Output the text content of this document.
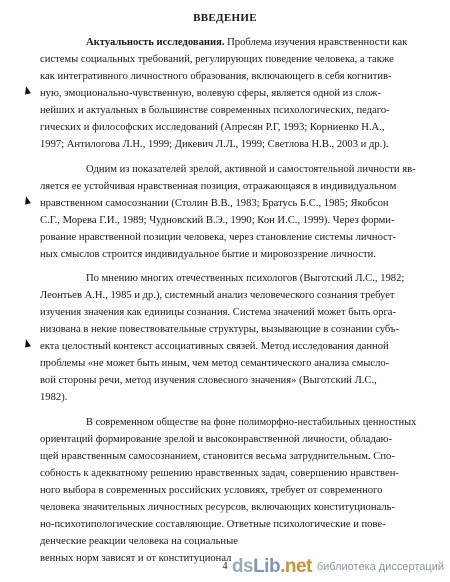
ВВЕДЕНИЕ
Актуальность исследования. Проблема изучения нравственности как
системы социальных требований, регулирующих поведение человека, а также
как интегративного личностного образования, включающего в себя когнитив-
ную, эмоционально-чувственную, волевую сферы, является одной из слож-
нейших и актуальных в большинстве современных психологических, педаго-
гических и философских исследований (Апресян Р.Г, 1993; Корниенко Н.А.,
1997; Антилогова Л.Н., 1999; Дикевич Л.Л., 1999; Светлова Н.В., 2003 и др.).
Одним из показателей зрелой, активной и самостоятельной личности яв-
ляется ее устойчивая нравственная позиция, отражающаяся в индивидуальном
нравственном самосознании (Столин В.В., 1983; Братусь Б.С., 1985; Якобсон
С.Г., Морева Г.И., 1989; Чудновский В.Э., 1990; Кон И.С., 1999). Через форми-
рование нравственной позиции человека, через становление системы личност-
ных смыслов строится индивидуальное бытие и мировоззрение личности.
По мнению многих отечественных психологов (Выготский Л.С., 1982;
Леонтьев А.Н., 1985 и др.), системный анализ человеческого сознания требует
изучения значения как единицы сознания. Система значений может быть орга-
низована в некие повествовательные структуры, вызывающие в сознании субъ-
екта целостный контекст ассоциативных связей. Метод исследования данной
проблемы «не может быть иным, чем метод семантического анализа смысло-
вой стороны речи, метод изучения словесного значения» (Выготский Л.С.,
1982).
В современном обществе на фоне полиморфно-нестабильных ценностных
4 dsLib.net библиотека диссертаций
ориентаций формирование зрелой и высоконравственной личности, обладаю-
щей нравственным самосознанием, становится весьма затруднительным. Спо-
собность к адекватному решению нравственных задач, совершению нравствен-
ного выбора в современных российских условиях, требует от современного
человека значительных личностных ресурсов, включающих конституциональ-
но-психотипологические составляющие. Ответные психологические и пове-
денческие реакции человека на социальные
венных норм зависят и от конституционал
